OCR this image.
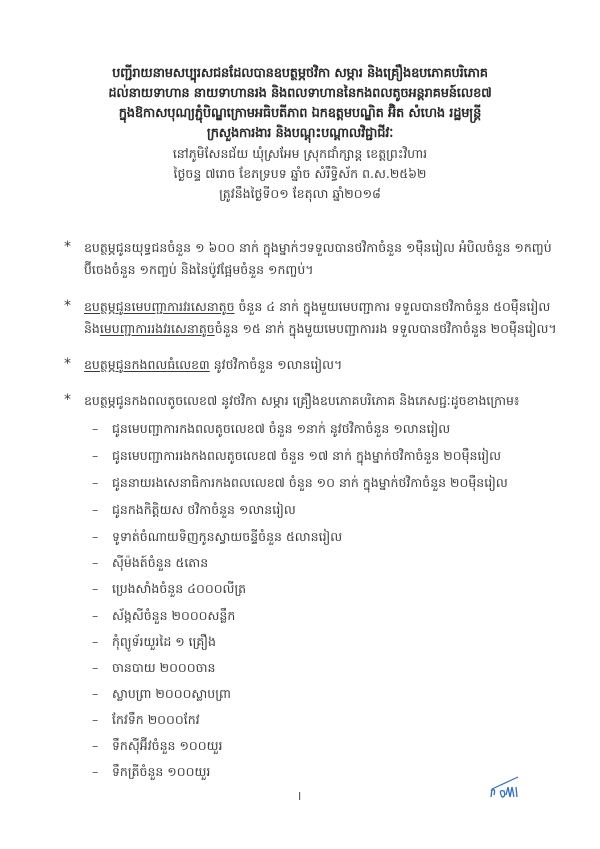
បញ្ជីរាយនាមសប្បុរសជនដែលបានឧបត្ថម្ភថវិកា សម្ភារ និងគ្រឿងឧបភោគបរិភោគ
ដល់នាយទាហាន នាយទាហានរង និងពលទាហាននៃកងពលតូចអន្តរាគមន៍លេខ៧
ក្នុងឱកាសបុណ្យភ្ជុំបិណ្ឌក្រោមអធិបតីភាព ឯកឧត្តមបណ្ឌិត អ៊ិត សំហេង រដ្ឋមន្ត្រី
ក្រសួងការងារ និងបណ្តុះបណ្តាលវិជ្ជាជីវៈ
នៅភូមិសែនជ័យ ឃុំស្រអែម ស្រុកជាំក្សាន្ត ខេត្តព្រះវិហារ
ថ្ងៃចន្ទ ៧រោច ខែភទ្របទ ឆ្នាំច សំរឹទ្ធិស័ក ព.ស.២៥៦២
ត្រូវនឹងថ្ងៃទី០១ ខែតុលា ឆ្នាំ២០១៨
* ឧបត្ថម្ភជូនយុទ្ធជនចំនួន ១ ៦០០ នាក់ ក្នុងម្នាក់ៗទទួលបានថវិកាចំនួន ១ម៉ឺនរៀល អំបិលចំនួន ១កញ្ចប់
ប៊ីចេងចំនួន ១កញ្ចប់ និងនៃប៉ូវផ្អែមចំនួន ១កញ្ចប់។
* ឧបត្ថម្ភជូនមេបញ្ជាការវរសេនាតូច ចំនួន ៤ នាក់ ក្នុងមួយមេបញ្ជាការ ទទួលបានថវិកាចំនួន ៥០ម៉ឺនរៀល
និងមេបញ្ជាការរងវរសេនាតូចចំនួន ១៥ នាក់ ក្នុងមួយមេបញ្ជាការរង ទទួលបានថវិកាចំនួន ២០ម៉ឺនរៀល។
* ឧបត្ថម្ភជូនកងពលធំលេខ៣ នូវថវិកាចំនួន ១លានរៀល។
* ឧបត្ថម្ភជូនកងពលតូចលេខ៧ នូវថវិកា សម្ភារ គ្រឿងឧបភោគបរិភោគ និងភេសជ្ជៈដូចខាងក្រោម៖
– ជូនមេបញ្ជាការកងពលតូចលេខ៧ ចំនួន ១នាក់ នូវថវិកាចំនួន ១លានរៀល
– ជូនមេបញ្ជាការរងកងពលតូចលេខ៧ ចំនួន ១៧ នាក់ ក្នុងម្នាក់ថវិកាចំនួន ២០ម៉ឺនរៀល
– ជូននាយរងសេនាធិការកងពលលេខ៧ ចំនួន ១០ នាក់ ក្នុងម្នាក់ថវិកាចំនួន ២០ម៉ឺនរៀល
– ជូនកងកិត្តិយស ថវិកាចំនួន ១លានរៀល
– ទូទាត់ចំណាយទិញកូនស្វាយចន្ទីចំនួន ៥លានរៀល
– ស៊ីម៉ងត៍ចំនួន ៥តោន
– ប្រេងសាំងចំនួន ៤០០០លីត្រ
– ស័ង្កសីចំនួន ២០០០សន្លឹក
– កុំព្យូទ័រយួរដៃ ១ គ្រឿង
– ចានបាយ ២០០០ចាន
– ស្លាបព្រា ២០០០ស្លាបព្រា
– កែវទឹក ២០០០កែវ
– ទឹកស៊ីអ៊ីវចំនួន ១០០យួរ
– ទឹកត្រីចំនួន ១០០យួរ
I
